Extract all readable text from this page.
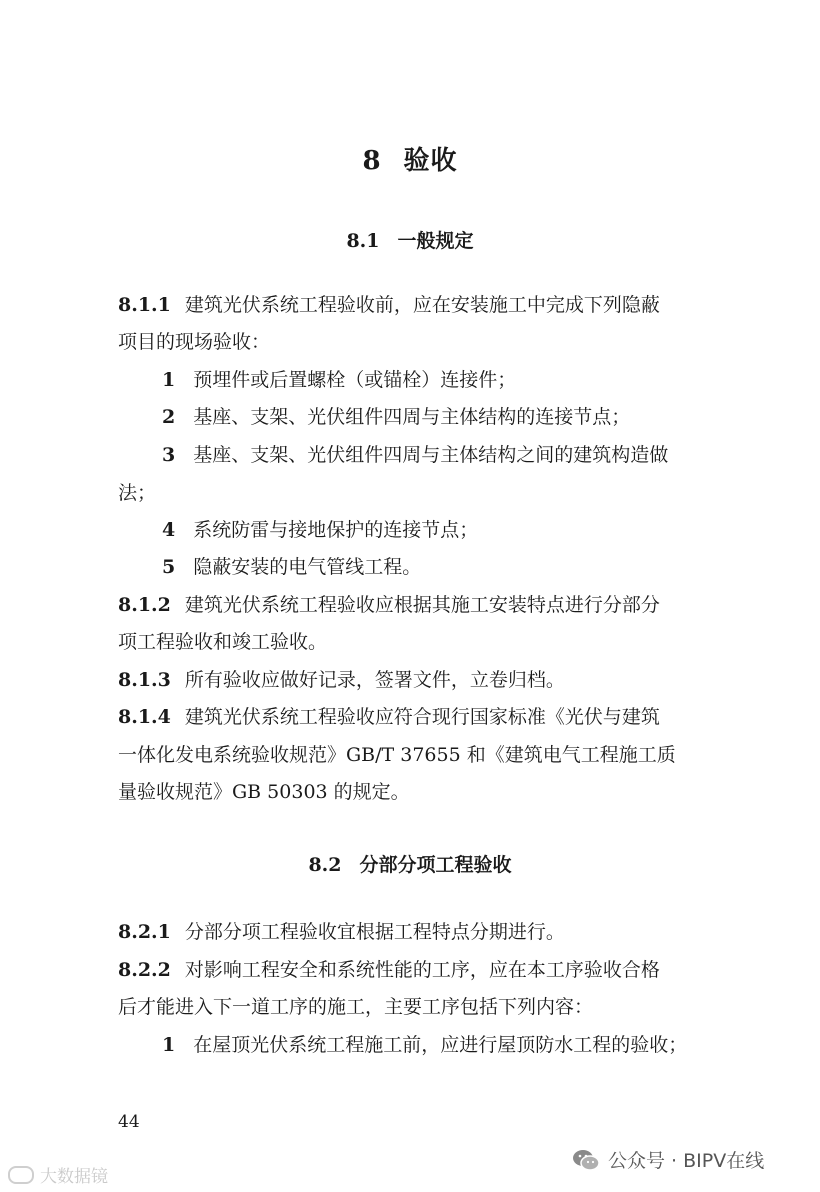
8 验收
8.1 一般规定
8.1.1 建筑光伏系统工程验收前，应在安装施工中完成下列隐蔽
项目的现场验收：
1 预埋件或后置螺栓（或锚栓）连接件；
2 基座、支架、光伏组件四周与主体结构的连接节点；
3 基座、支架、光伏组件四周与主体结构之间的建筑构造做
法；
4 系统防雷与接地保护的连接节点；
5 隐蔽安装的电气管线工程。
8.1.2 建筑光伏系统工程验收应根据其施工安装特点进行分部分
项工程验收和竣工验收。
8.1.3 所有验收应做好记录，签署文件，立卷归档。
8.1.4 建筑光伏系统工程验收应符合现行国家标准《光伏与建筑
一体化发电系统验收规范》GB/T 37655 和《建筑电气工程施工质
量验收规范》GB 50303 的规定。
8.2 分部分项工程验收
8.2.1 分部分项工程验收宜根据工程特点分期进行。
8.2.2 对影响工程安全和系统性能的工序，应在本工序验收合格
后才能进入下一道工序的施工，主要工序包括下列内容：
1 在屋顶光伏系统工程施工前，应进行屋顶防水工程的验收；
44
大数据镜
公众号 · BIPV在线
